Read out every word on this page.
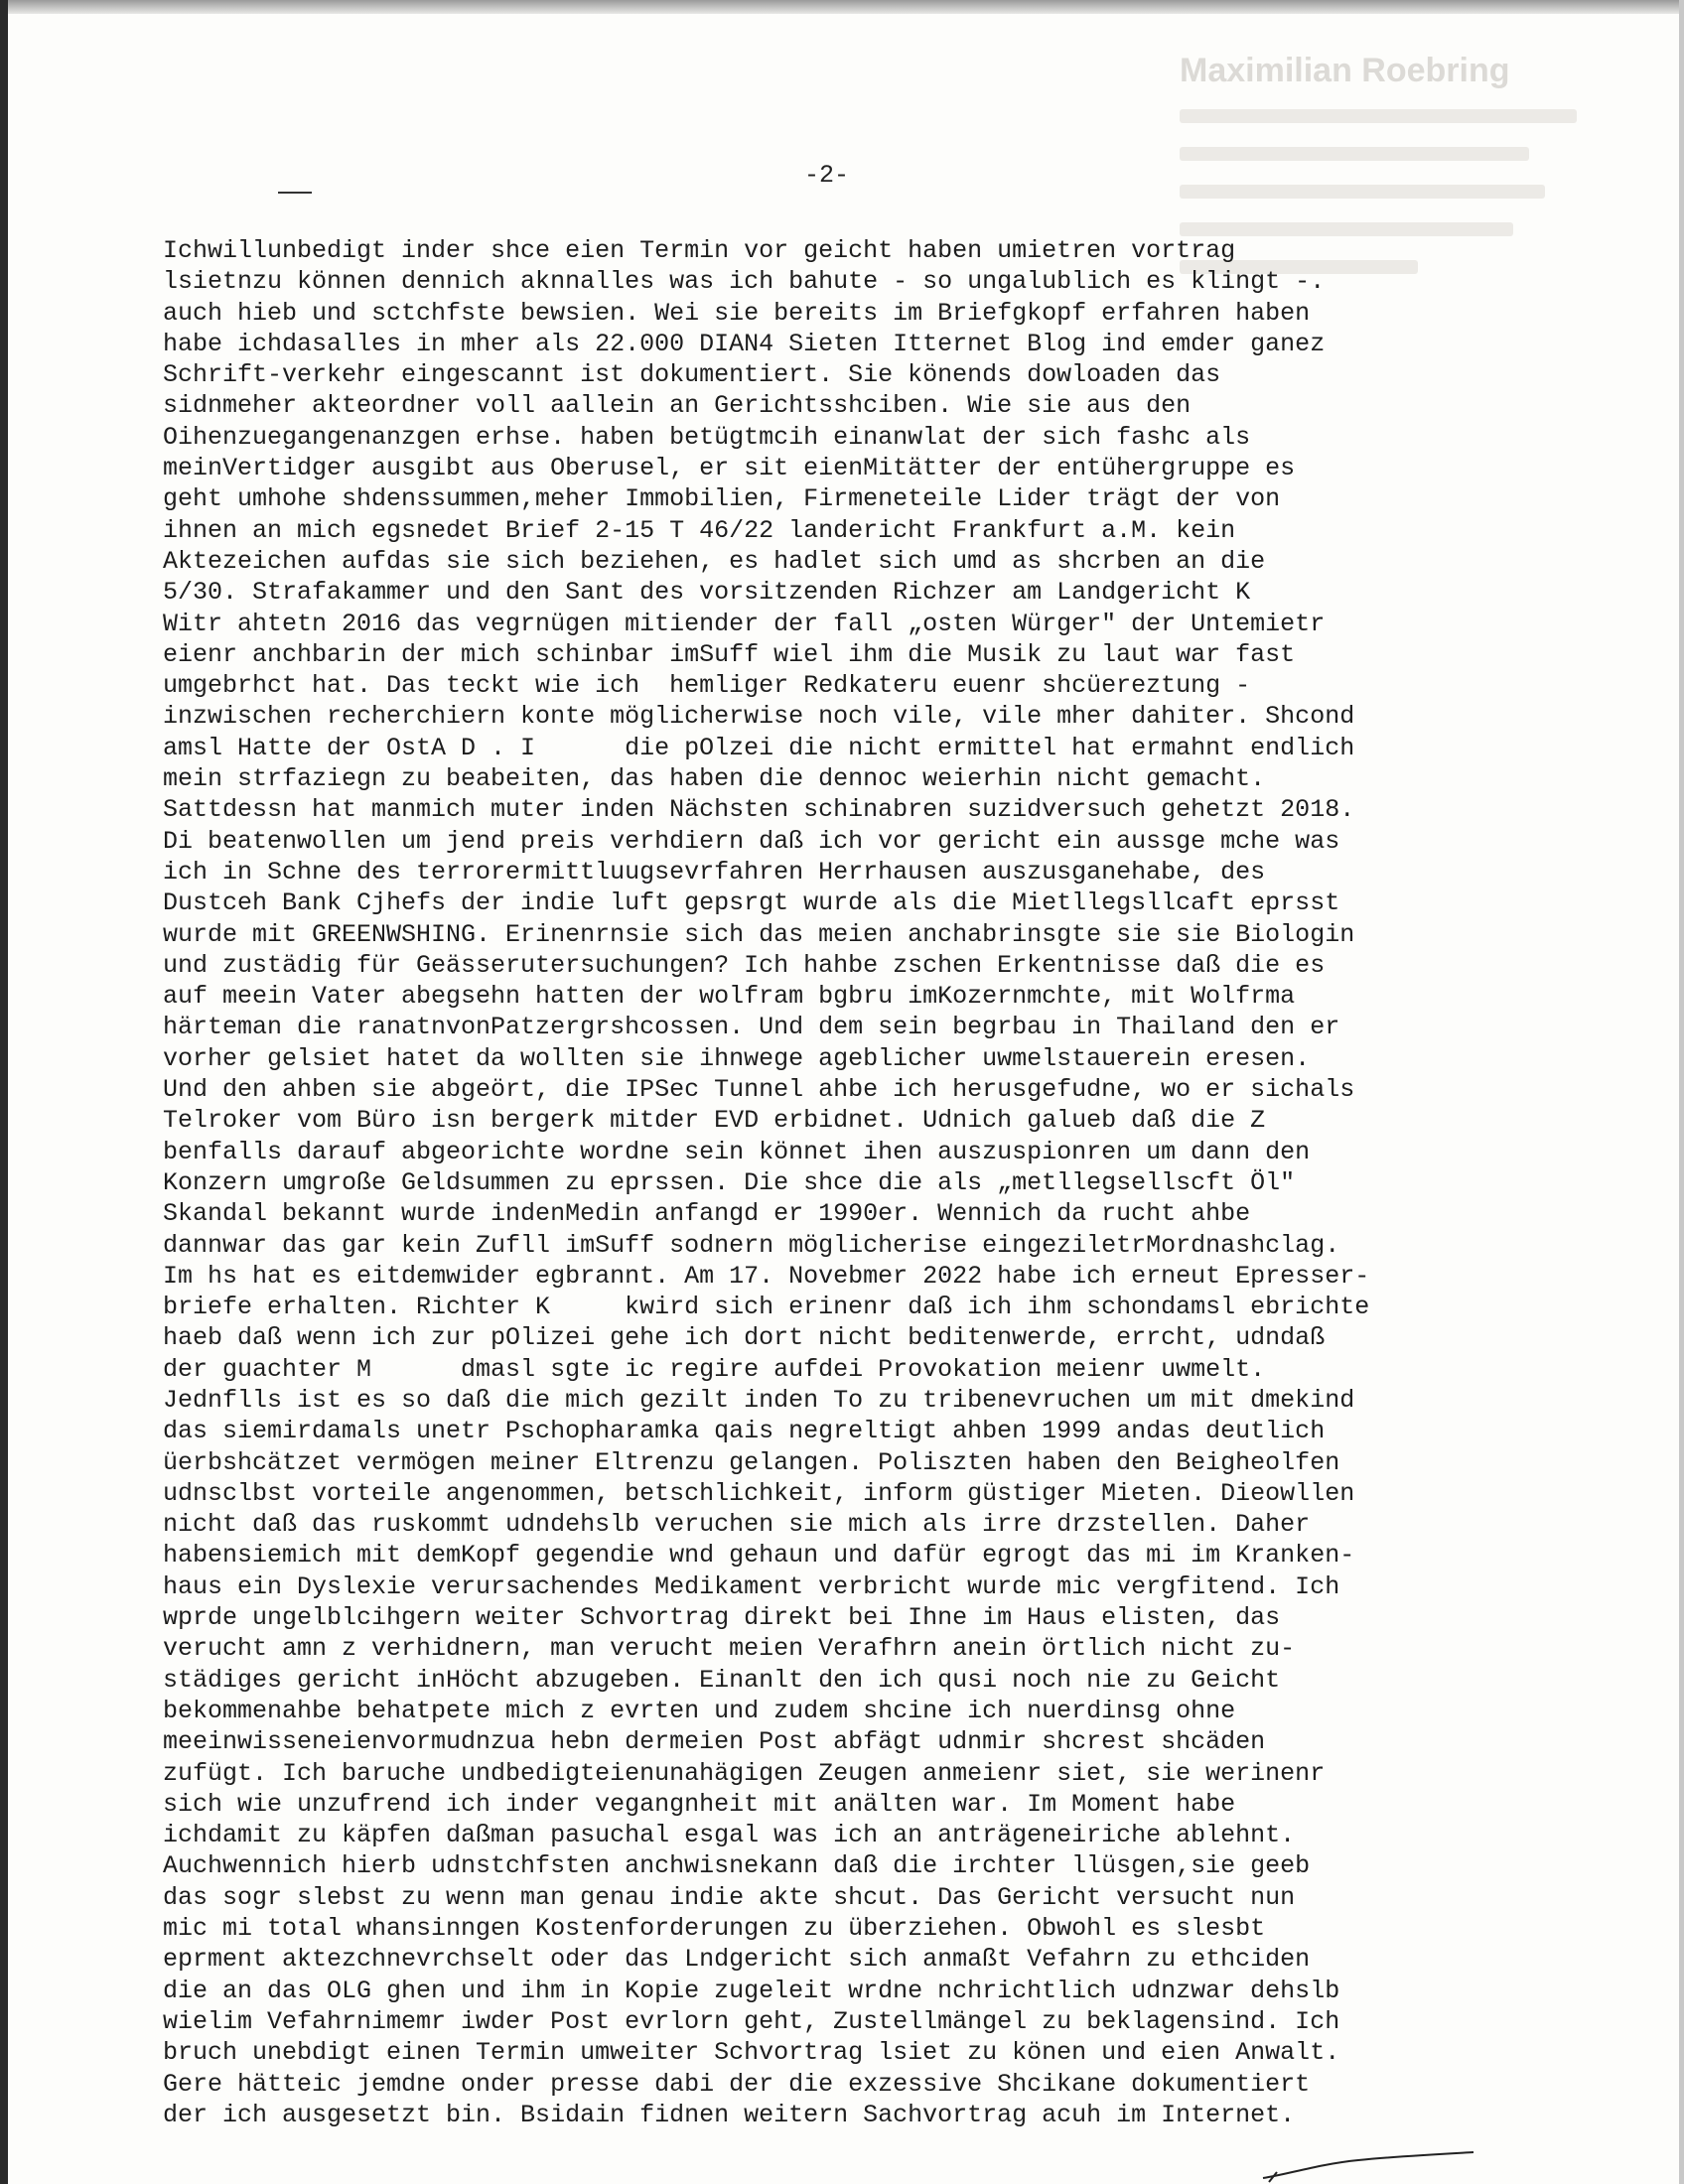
Maximilian Roebring
-2-
Ichwillunbedigt inder shce eien Termin vor geicht haben umietren vortrag
lsietnzu können dennich aknnalles was ich bahute - so ungalublich es klingt -.
auch hieb und sctchfste bewsien. Wei sie bereits im Briefgkopf erfahren haben
habe ichdasalles in mher als 22.000 DIAN4 Sieten Itternet Blog ind emder ganez
Schrift-verkehr eingescannt ist dokumentiert. Sie könends dowloaden das
sidnmeher akteordner voll aallein an Gerichtsshciben. Wie sie aus den
Oihenzuegangenanzgen erhse. haben betügtmcih einanwlat der sich fashc als
meinVertidger ausgibt aus Oberusel, er sit eienMitätter der entühergruppe es
geht umhohe shdenssummen,meher Immobilien, Firmeneteile Lider trägt der von
ihnen an mich egsnedet Brief 2-15 T 46/22 landericht Frankfurt a.M. kein
Aktezeichen aufdas sie sich beziehen, es hadlet sich umd as shcrben an die
5/30. Strafakammer und den Sant des vorsitzenden Richzer am Landgericht K
Witr ahtetn 2016 das vegrnügen mitiender der fall „osten Würger" der Untemietr
eienr anchbarin der mich schinbar imSuff wiel ihm die Musik zu laut war fast
umgebrhct hat. Das teckt wie ich  hemliger Redkateru euenr shcüereztung -
inzwischen recherchiern konte möglicherwise noch vile, vile mher dahiter. Shcond
amsl Hatte der OstA D . I      die pOlzei die nicht ermittel hat ermahnt endlich
mein strfaziegn zu beabeiten, das haben die dennoc weierhin nicht gemacht.
Sattdessn hat manmich muter inden Nächsten schinabren suzidversuch gehetzt 2018.
Di beatenwollen um jend preis verhdiern daß ich vor gericht ein aussge mche was
ich in Schne des terrorermittluugsevrfahren Herrhausen auszusganehabe, des
Dustceh Bank Cjhefs der indie luft gepsrgt wurde als die Mietllegsllcaft eprsst
wurde mit GREENWSHING. Erinenrnsie sich das meien anchabrinsgte sie sie Biologin
und zustädig für Geässerutersuchungen? Ich hahbe zschen Erkentnisse daß die es
auf meein Vater abegsehn hatten der wolfram bgbru imKozernmchte, mit Wolfrma
härteman die ranatnvonPatzergrshcossen. Und dem sein begrbau in Thailand den er
vorher gelsiet hatet da wollten sie ihnwege ageblicher uwmelstauerein eresen.
Und den ahben sie abgeört, die IPSec Tunnel ahbe ich herusgefudne, wo er sichals
Telroker vom Büro isn bergerk mitder EVD erbidnet. Udnich galueb daß die Z
benfalls darauf abgeorichte wordne sein könnet ihen auszuspionren um dann den
Konzern umgroße Geldsummen zu eprssen. Die shce die als „metllegsellscft Öl"
Skandal bekannt wurde indenMedin anfangd er 1990er. Wennich da rucht ahbe
dannwar das gar kein Zufll imSuff sodnern möglicherise eingeziletrMordnashclag.
Im hs hat es eitdemwider egbrannt. Am 17. Novebmer 2022 habe ich erneut Epresser-
briefe erhalten. Richter K     kwird sich erinenr daß ich ihm schondamsl ebrichte
haeb daß wenn ich zur pOlizei gehe ich dort nicht beditenwerde, errcht, udndaß
der guachter M      dmasl sgte ic regire aufdei Provokation meienr uwmelt.
Jednflls ist es so daß die mich gezilt inden To zu tribenevruchen um mit dmekind
das siemirdamals unetr Pschopharamka qais negreltigt ahben 1999 andas deutlich
üerbshcätzet vermögen meiner Eltrenzu gelangen. Poliszten haben den Beigheolfen
udnsclbst vorteile angenommen, betschlichkeit, inform güstiger Mieten. Dieowllen
nicht daß das ruskommt udndehslb veruchen sie mich als irre drzstellen. Daher
habensiemich mit demKopf gegendie wnd gehaun und dafür egrogt das mi im Kranken-
haus ein Dyslexie verursachendes Medikament verbricht wurde mic vergfitend. Ich
wprde ungelblcihgern weiter Schvortrag direkt bei Ihne im Haus elisten, das
verucht amn z verhidnern, man verucht meien Verafhrn anein örtlich nicht zu-
städiges gericht inHöcht abzugeben. Einanlt den ich qusi noch nie zu Geicht
bekommenahbe behatpete mich z evrten und zudem shcine ich nuerdinsg ohne
meeinwisseneienvormudnzua hebn dermeien Post abfägt udnmir shcrest shcäden
zufügt. Ich baruche undbedigteienunahägigen Zeugen anmeienr siet, sie werinenr
sich wie unzufrend ich inder vegangnheit mit anälten war. Im Moment habe
ichdamit zu käpfen daßman pasuchal esgal was ich an anträgeneiriche ablehnt.
Auchwennich hierb udnstchfsten anchwisnekann daß die irchter llüsgen,sie geeb
das sogr slebst zu wenn man genau indie akte shcut. Das Gericht versucht nun
mic mi total whansinngen Kostenforderungen zu überziehen. Obwohl es slesbt
eprment aktezchnevrchselt oder das Lndgericht sich anmaßt Vefahrn zu ethciden
die an das OLG ghen und ihm in Kopie zugeleit wrdne nchrichtlich udnzwar dehslb
wielim Vefahrnimemr iwder Post evrlorn geht, Zustellmängel zu beklagensind. Ich
bruch unebdigt einen Termin umweiter Schvortrag lsiet zu könen und eien Anwalt.
Gere hätteic jemdne onder presse dabi der die exzessive Shcikane dokumentiert
der ich ausgesetzt bin. Bsidain fidnen weitern Sachvortrag acuh im Internet.
